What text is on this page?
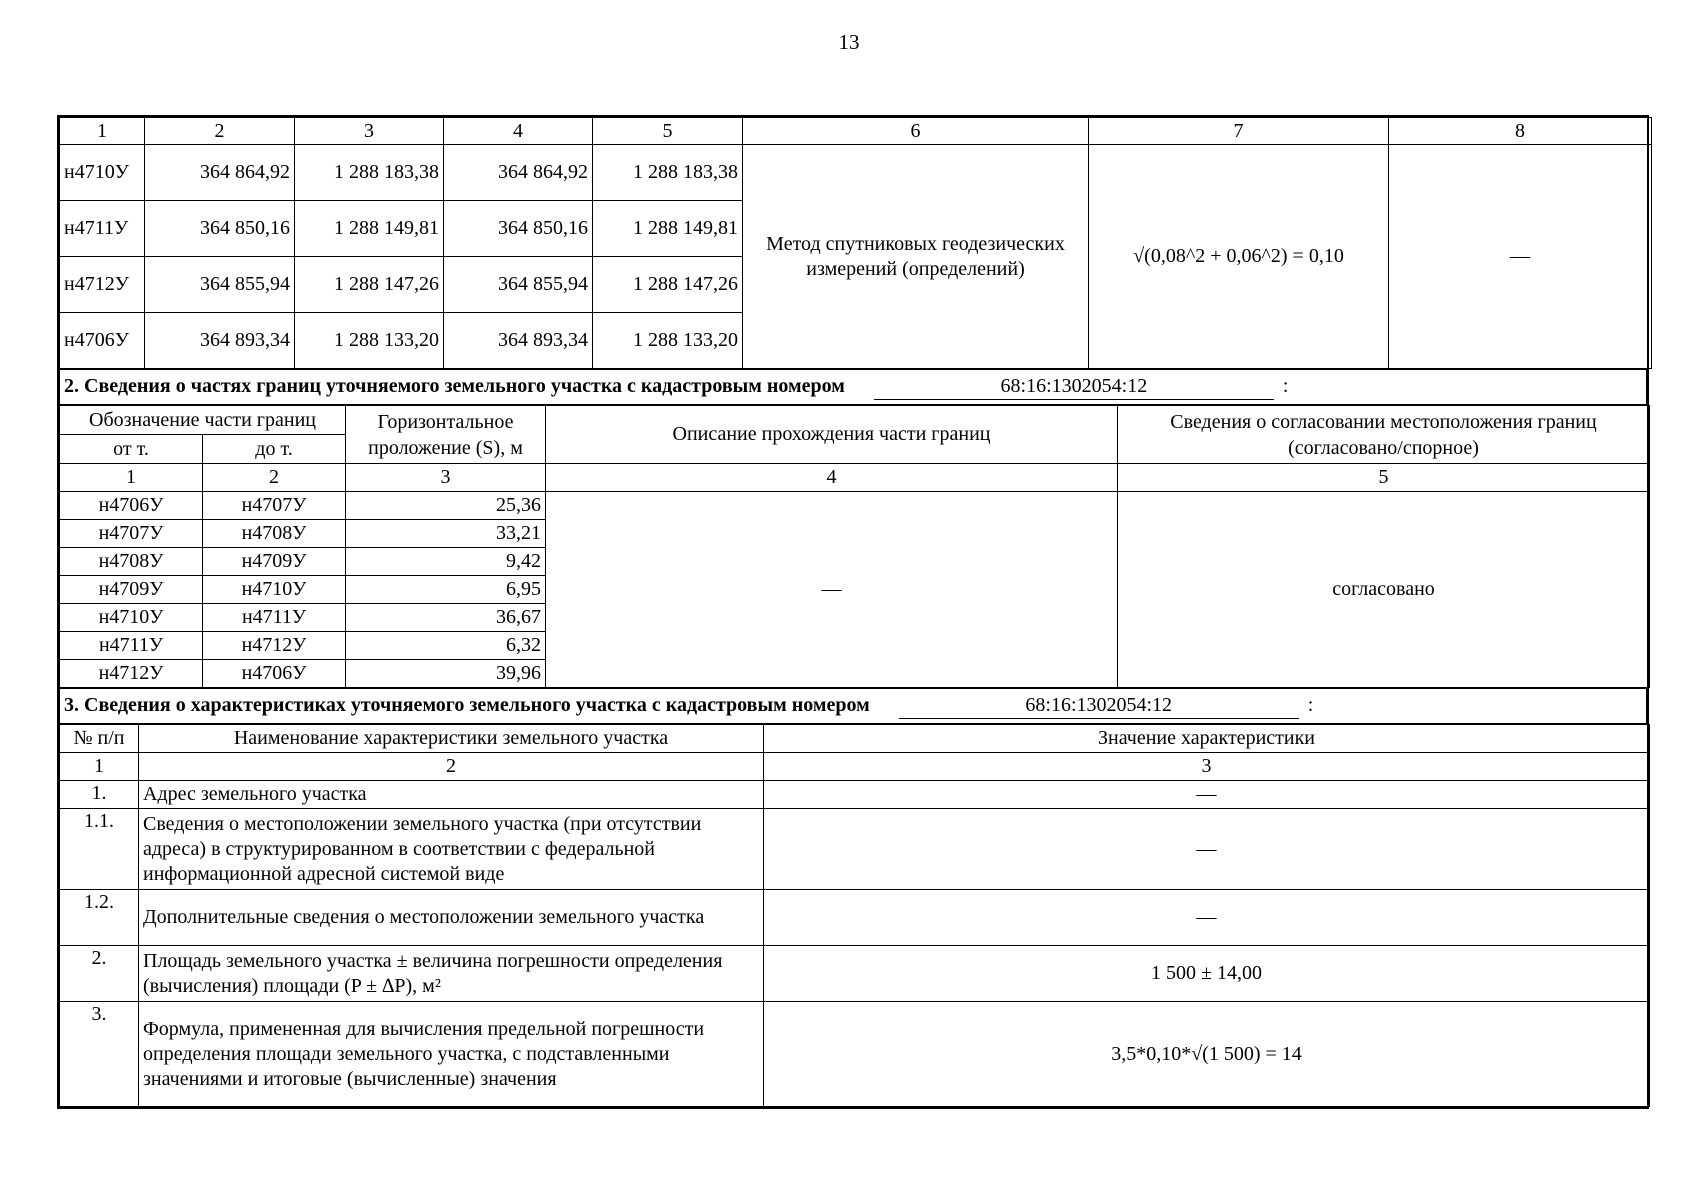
13
1	2	3	4	5	6	7	8
н4710У	364 864,92	1 288 183,38	364 864,92	1 288 183,38	Метод спутниковых геодезических измерений (определений)	√(0,08^2 + 0,06^2) = 0,10	—
н4711У	364 850,16	1 288 149,81	364 850,16	1 288 149,81			
н4712У	364 855,94	1 288 147,26	364 855,94	1 288 147,26			
н4706У	364 893,34	1 288 133,20	364 893,34	1 288 133,20			
2. Сведения о частях границ уточняемого земельного участка с кадастровым номером	68:16:1302054:12	:
Обозначение части границ		Горизонтальное проложение (S), м	Описание прохождения части границ	Сведения о согласовании местоположения границ (согласовано/спорное)
от т.	до т.			
1	2	3	4	5
н4706У	н4707У	25,36	—	согласовано
н4707У	н4708У	33,21		
н4708У	н4709У	9,42		
н4709У	н4710У	6,95		
н4710У	н4711У	36,67		
н4711У	н4712У	6,32		
н4712У	н4706У	39,96		
3. Сведения о характеристиках уточняемого земельного участка с кадастровым номером	68:16:1302054:12	:
№ п/п	Наименование характеристики земельного участка	Значение характеристики
1	2	3
1.	Адрес земельного участка	—
1.1.	Сведения о местоположении земельного участка (при отсутствии адреса) в структурированном в соответствии с федеральной информационной адресной системой виде	—
1.2.	Дополнительные сведения о местоположении земельного участка	—
2.	Площадь земельного участка ± величина погрешности определения (вычисления) площади (P ± ∆P), м²	1 500 ± 14,00
3.	Формула, примененная для вычисления предельной погрешности определения площади земельного участка, с подставленными значениями и итоговые (вычисленные) значения	3,5*0,10*√(1 500) = 14
